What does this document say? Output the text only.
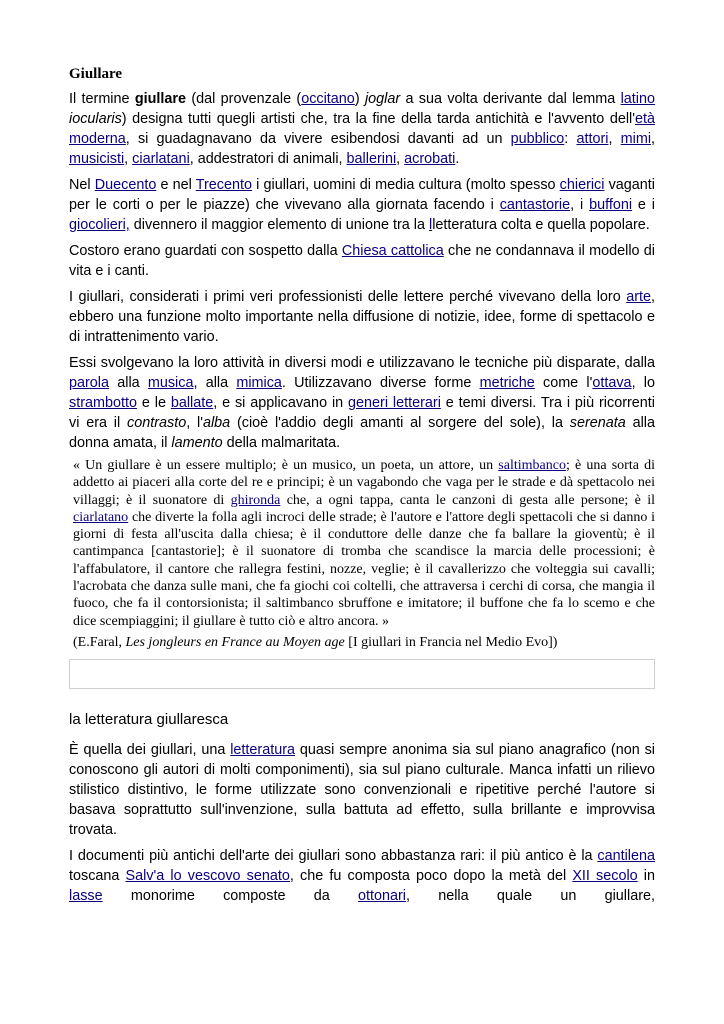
Giullare

Il termine giullare (dal provenzale (occitano) joglar a sua volta derivante dal lemma latino iocularis) designa tutti quegli artisti che, tra la fine della tarda antichità e l'avvento dell'età moderna, si guadagnavano da vivere esibendosi davanti ad un pubblico: attori, mimi, musicisti, ciarlatani, addestratori di animali, ballerini, acrobati.

Nel Duecento e nel Trecento i giullari, uomini di media cultura (molto spesso chierici vaganti per le corti o per le piazze) che vivevano alla giornata facendo i cantastorie, i buffoni e i giocolieri, divennero il maggior elemento di unione tra la lletteratura colta e quella popolare.

Costoro erano guardati con sospetto dalla Chiesa cattolica che ne condannava il modello di vita e i canti.

I giullari, considerati i primi veri professionisti delle lettere perché vivevano della loro arte, ebbero una funzione molto importante nella diffusione di notizie, idee, forme di spettacolo e di intrattenimento vario.

Essi svolgevano la loro attività in diversi modi e utilizzavano le tecniche più disparate, dalla parola alla musica, alla mimica. Utilizzavano diverse forme metriche come l'ottava, lo strambotto e le ballate, e si applicavano in generi letterari e temi diversi. Tra i più ricorrenti vi era il contrasto, l'alba (cioè l'addio degli amanti al sorgere del sole), la serenata alla donna amata, il lamento della malmaritata.

« Un giullare è un essere multiplo; è un musico, un poeta, un attore, un saltimbanco; è una sorta di addetto ai piaceri alla corte del re e principi; è un vagabondo che vaga per le strade e dà spettacolo nei villaggi; è il suonatore di ghironda che, a ogni tappa, canta le canzoni di gesta alle persone; è il ciarlatano che diverte la folla agli incroci delle strade; è l'autore e l'attore degli spettacoli che si danno i giorni di festa all'uscita dalla chiesa; è il conduttore delle danze che fa ballare la gioventù; è il cantimpanca [cantastorie]; è il suonatore di tromba che scandisce la marcia delle processioni; è l'affabulatore, il cantore che rallegra festini, nozze, veglie; è il cavallerizzo che volteggia sui cavalli; l'acrobata che danza sulle mani, che fa giochi coi coltelli, che attraversa i cerchi di corsa, che mangia il fuoco, che fa il contorsionista; il saltimbanco sbruffone e imitatore; il buffone che fa lo scemo e che dice scempiaggini; il giullare è tutto ciò e altro ancora. »
(E.Faral, Les jongleurs en France au Moyen age [I giullari in Francia nel Medio Evo])
la letteratura giullaresca

È quella dei giullari, una letteratura quasi sempre anonima sia sul piano anagrafico (non si conoscono gli autori di molti componimenti), sia sul piano culturale. Manca infatti un rilievo stilistico distintivo, le forme utilizzate sono convenzionali e ripetitive perché l'autore si basava soprattutto sull'invenzione, sulla battuta ad effetto, sulla brillante e improvvisa trovata.

I documenti più antichi dell'arte dei giullari sono abbastanza rari: il più antico è la cantilena toscana Salv'a lo vescovo senato, che fu composta poco dopo la metà del XII secolo in lasse monorime composte da ottonari, nella quale un giullare,
